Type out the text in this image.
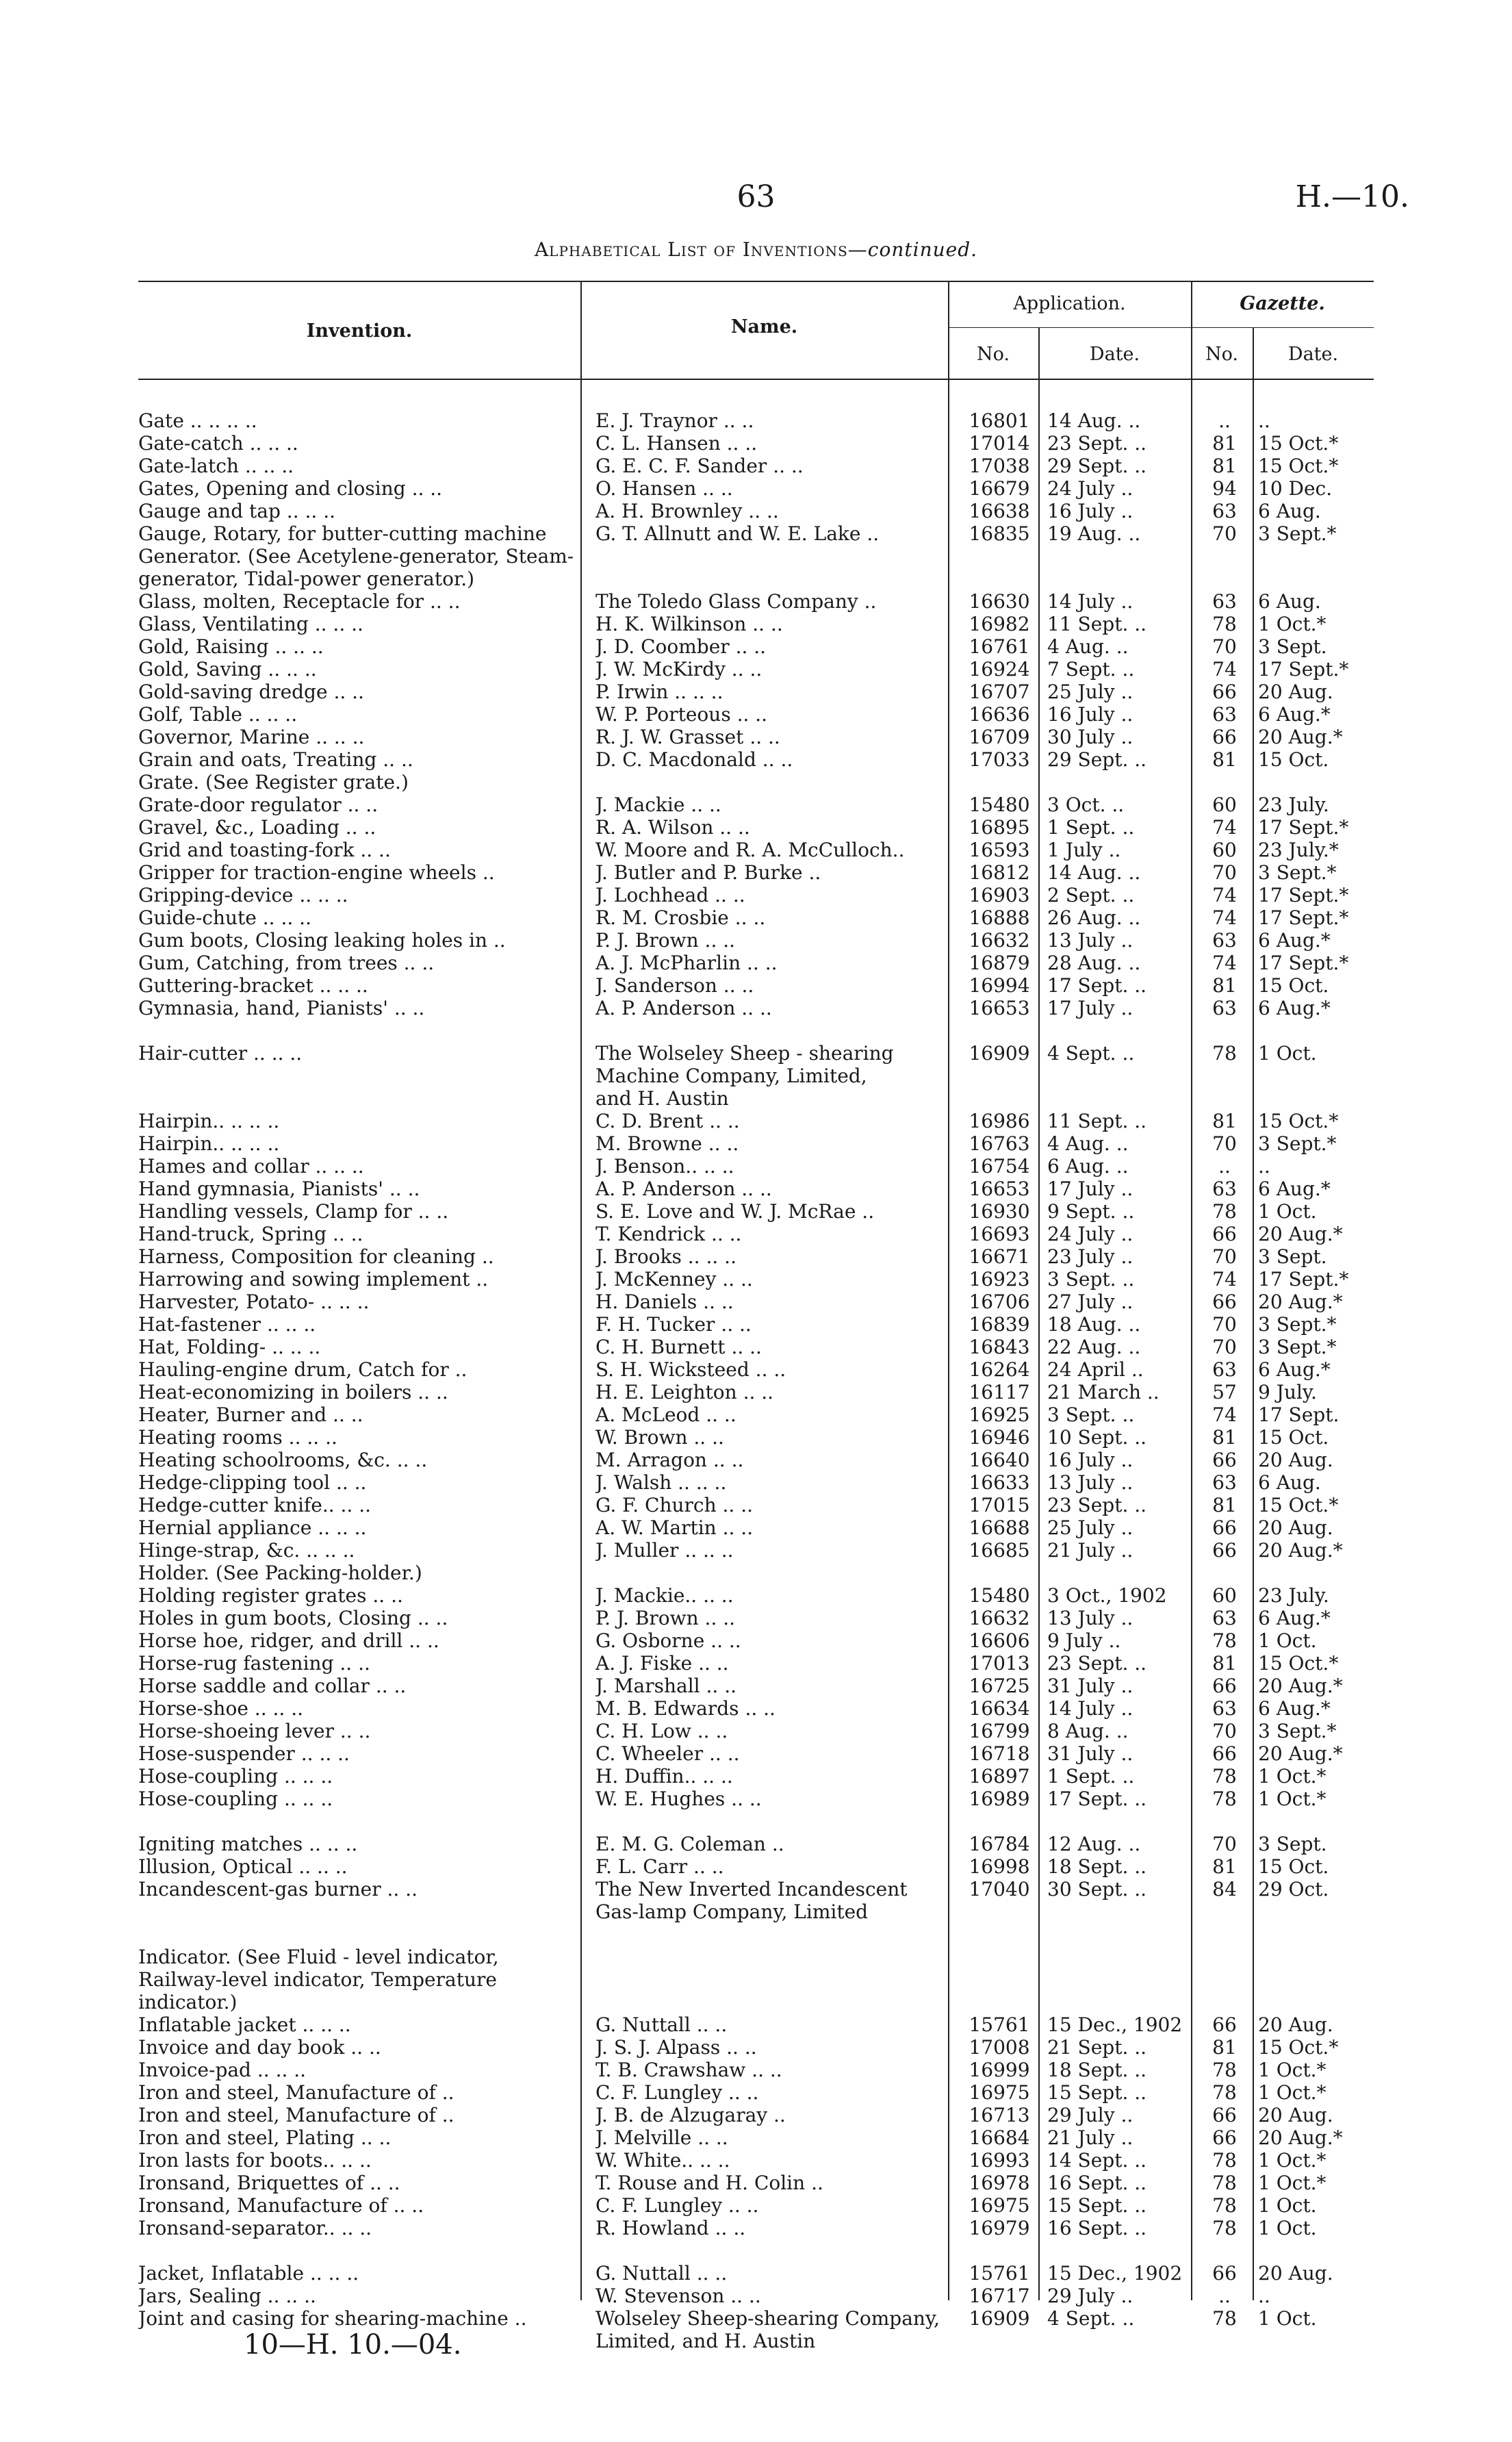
63	H.—10.
Alphabetical List of Inventions—continued.
Invention.	Name.
Application.	Gazette.
No.	Date.	No.	Date.
Gate .. .. .. ..	E. J. Traynor .. ..	16801 14 Aug. ..	..	..
Gate-catch .. .. ..	C. L. Hansen .. ..	17014 23 Sept. ..	81	15 Oct.*
Gate-latch .. .. ..	G. E. C. F. Sander .. ..	17038 29 Sept. ..	81	15 Oct.*
Gates, Opening and closing .. ..	O. Hansen .. ..	16679 24 July ..	94	10 Dec.
Gauge and tap .. .. ..	A. H. Brownley .. ..	16638 16 July ..	63	6 Aug.
Gauge, Rotary, for butter-cutting machine	G. T. Allnutt and W. E. Lake ..	16835 19 Aug. ..	70	3 Sept.*
Generator. (See Acetylene-generator, Steam-
generator, Tidal-power generator.)
Glass, molten, Receptacle for .. ..	The Toledo Glass Company ..	16630 14 July ..	63	6 Aug.
Glass, Ventilating .. .. ..	H. K. Wilkinson .. ..	16982 11 Sept. ..	78	1 Oct.*
Gold, Raising .. .. ..	J. D. Coomber .. ..	16761 4 Aug. ..	70	3 Sept.
Gold, Saving .. .. ..	J. W. McKirdy .. ..	16924 7 Sept. ..	74	17 Sept.*
Gold-saving dredge .. ..	P. Irwin .. .. ..	16707 25 July ..	66	20 Aug.
Golf, Table .. .. ..	W. P. Porteous .. ..	16636 16 July ..	63	6 Aug.*
Governor, Marine .. .. ..	R. J. W. Grasset .. ..	16709 30 July ..	66	20 Aug.*
Grain and oats, Treating .. ..	D. C. Macdonald .. ..	17033 29 Sept. ..	81	15 Oct.
Grate. (See Register grate.)
Grate-door regulator .. ..	J. Mackie .. ..	15480 3 Oct. ..	60	23 July.
Gravel, &c., Loading .. ..	R. A. Wilson .. ..	16895 1 Sept. ..	74	17 Sept.*
Grid and toasting-fork .. ..	W. Moore and R. A. McCulloch..	16593 1 July ..	60	23 July.*
Gripper for traction-engine wheels ..	J. Butler and P. Burke ..	16812 14 Aug. ..	70	3 Sept.*
Gripping-device .. .. ..	J. Lochhead .. ..	16903 2 Sept. ..	74	17 Sept.*
Guide-chute .. .. ..	R. M. Crosbie .. ..	16888 26 Aug. ..	74	17 Sept.*
Gum boots, Closing leaking holes in ..	P. J. Brown .. ..	16632 13 July ..	63	6 Aug.*
Gum, Catching, from trees .. ..	A. J. McPharlin .. ..	16879 28 Aug. ..	74	17 Sept.*
Guttering-bracket .. .. ..	J. Sanderson .. ..	16994 17 Sept. ..	81	15 Oct.
Gymnasia, hand, Pianists' .. ..	A. P. Anderson .. ..	16653 17 July ..	63	6 Aug.*
Hair-cutter .. .. ..	The Wolseley Sheep - shearing
Machine Company, Limited,
and H. Austin
16909 4 Sept. ..	78	1 Oct.
Hairpin.. .. .. ..	C. D. Brent .. ..	16986 11 Sept. ..	81	15 Oct.*
Hairpin.. .. .. ..	M. Browne .. ..	16763 4 Aug. ..	70	3 Sept.*
Hames and collar .. .. ..	J. Benson.. .. ..	16754 6 Aug. ..	..	..
Hand gymnasia, Pianists' .. ..	A. P. Anderson .. ..	16653 17 July ..	63	6 Aug.*
Handling vessels, Clamp for .. ..	S. E. Love and W. J. McRae ..	16930 9 Sept. ..	78	1 Oct.
Hand-truck, Spring .. ..	T. Kendrick .. ..	16693 24 July ..	66	20 Aug.*
Harness, Composition for cleaning ..	J. Brooks .. .. ..	16671 23 July ..	70	3 Sept.
Harrowing and sowing implement ..	J. McKenney .. ..	16923 3 Sept. ..	74	17 Sept.*
Harvester, Potato- .. .. ..	H. Daniels .. ..	16706 27 July ..	66	20 Aug.*
Hat-fastener .. .. ..	F. H. Tucker .. ..	16839 18 Aug. ..	70	3 Sept.*
Hat, Folding- .. .. ..	C. H. Burnett .. ..	16843 22 Aug. ..	70	3 Sept.*
Hauling-engine drum, Catch for ..	S. H. Wicksteed .. ..	16264 24 April ..	63	6 Aug.*
Heat-economizing in boilers .. ..	H. E. Leighton .. ..	16117 21 March ..	57	9 July.
Heater, Burner and .. ..	A. McLeod .. ..	16925 3 Sept. ..	74	17 Sept.
Heating rooms .. .. ..	W. Brown .. ..	16946 10 Sept. ..	81	15 Oct.
Heating schoolrooms, &c. .. ..	M. Arragon .. ..	16640 16 July ..	66	20 Aug.
Hedge-clipping tool .. ..	J. Walsh .. .. ..	16633 13 July ..	63	6 Aug.
Hedge-cutter knife.. .. ..	G. F. Church .. ..	17015 23 Sept. ..	81	15 Oct.*
Hernial appliance .. .. ..	A. W. Martin .. ..	16688 25 July ..	66	20 Aug.
Hinge-strap, &c. .. .. ..	J. Muller .. .. ..	16685 21 July ..	66	20 Aug.*
Holder. (See Packing-holder.)
Holding register grates .. ..	J. Mackie.. .. ..	15480 3 Oct., 1902	60	23 July.
Holes in gum boots, Closing .. ..	P. J. Brown .. ..	16632 13 July ..	63	6 Aug.*
Horse hoe, ridger, and drill .. ..	G. Osborne .. ..	16606 9 July ..	78	1 Oct.
Horse-rug fastening .. ..	A. J. Fiske .. ..	17013 23 Sept. ..	81	15 Oct.*
Horse saddle and collar .. ..	J. Marshall .. ..	16725 31 July ..	66	20 Aug.*
Horse-shoe .. .. ..	M. B. Edwards .. ..	16634 14 July ..	63	6 Aug.*
Horse-shoeing lever .. ..	C. H. Low .. ..	16799 8 Aug. ..	70	3 Sept.*
Hose-suspender .. .. ..	C. Wheeler .. ..	16718 31 July ..	66	20 Aug.*
Hose-coupling .. .. ..	H. Duffin.. .. ..	16897 1 Sept. ..	78	1 Oct.*
Hose-coupling .. .. ..	W. E. Hughes .. ..	16989 17 Sept. ..	78	1 Oct.*
Igniting matches .. .. ..	E. M. G. Coleman ..	16784 12 Aug. ..	70	3 Sept.
Illusion, Optical .. .. ..	F. L. Carr .. ..	16998 18 Sept. ..	81	15 Oct.
Incandescent-gas burner .. ..	The New Inverted Incandescent
Gas-lamp Company, Limited
17040 30 Sept. ..	84	29 Oct.
Indicator. (See Fluid - level indicator,
Railway-level indicator, Temperature
indicator.)
Inflatable jacket .. .. ..	G. Nuttall .. ..	15761 15 Dec., 1902	66	20 Aug.
Invoice and day book .. ..	J. S. J. Alpass .. ..	17008 21 Sept. ..	81	15 Oct.*
Invoice-pad .. .. ..	T. B. Crawshaw .. ..	16999 18 Sept. ..	78	1 Oct.*
Iron and steel, Manufacture of ..	C. F. Lungley .. ..	16975 15 Sept. ..	78	1 Oct.*
Iron and steel, Manufacture of ..	J. B. de Alzugaray ..	16713 29 July ..	66	20 Aug.
Iron and steel, Plating .. ..	J. Melville .. ..	16684 21 July ..	66	20 Aug.*
Iron lasts for boots.. .. ..	W. White.. .. ..	16993 14 Sept. ..	78	1 Oct.*
Ironsand, Briquettes of .. ..	T. Rouse and H. Colin ..	16978 16 Sept. ..	78	1 Oct.*
Ironsand, Manufacture of .. ..	C. F. Lungley .. ..	16975 15 Sept. ..	78	1 Oct.
Ironsand-separator.. .. ..	R. Howland .. ..	16979 16 Sept. ..	78	1 Oct.
Jacket, Inflatable .. .. ..	G. Nuttall .. ..	15761 15 Dec., 1902	66	20 Aug.
Jars, Sealing .. .. ..	W. Stevenson .. ..	16717 29 July ..	..	..
Joint and casing for shearing-machine ..	Wolseley Sheep-shearing Company,
Limited, and H. Austin
16909 4 Sept. ..	78	1 Oct.
10—H. 10.—04.
